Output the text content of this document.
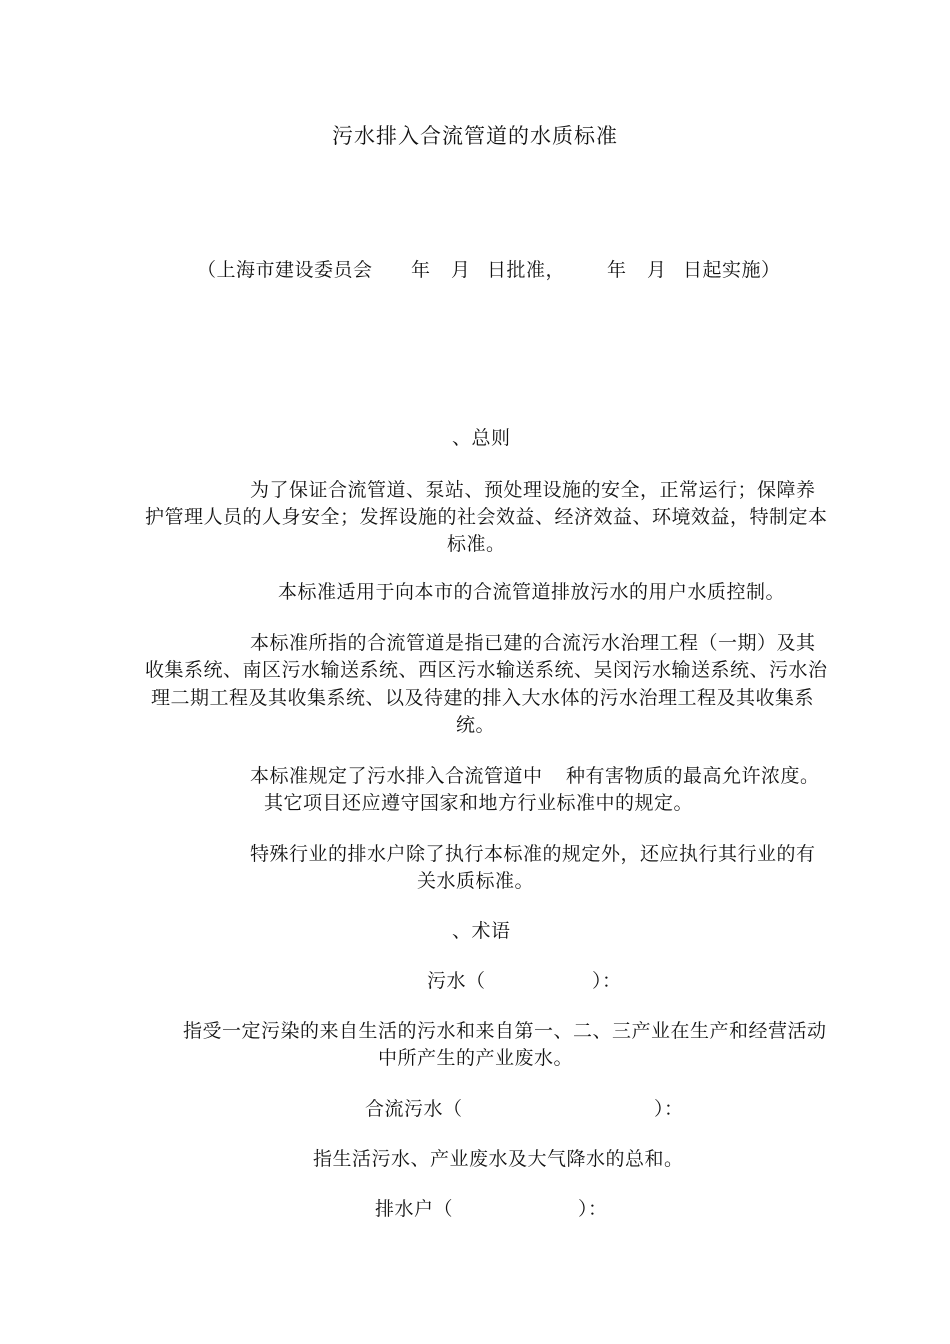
污水排入合流管道的水质标准
（上海市建设委员会 年 月 日批准， 年 月 日起实施）
、总则
为了保证合流管道、泵站、预处理设施的安全，正常运行；保障养
护管理人员的人身安全；发挥设施的社会效益、经济效益、环境效益，特制定本
标准。
本标准适用于向本市的合流管道排放污水的用户水质控制。
本标准所指的合流管道是指已建的合流污水治理工程（一期）及其
收集系统、南区污水输送系统、西区污水输送系统、吴闵污水输送系统、污水治
理二期工程及其收集系统、以及待建的排入大水体的污水治理工程及其收集系
统。
本标准规定了污水排入合流管道中 种有害物质的最高允许浓度。
其它项目还应遵守国家和地方行业标准中的规定。
特殊行业的排水户除了执行本标准的规定外，还应执行其行业的有
关水质标准。
、术语
污水（	）：
指受一定污染的来自生活的污水和来自第一、二、三产业在生产和经营活动
中所产生的产业废水。
合流污水（	）：
指生活污水、产业废水及大气降水的总和。
排水户（	）：
